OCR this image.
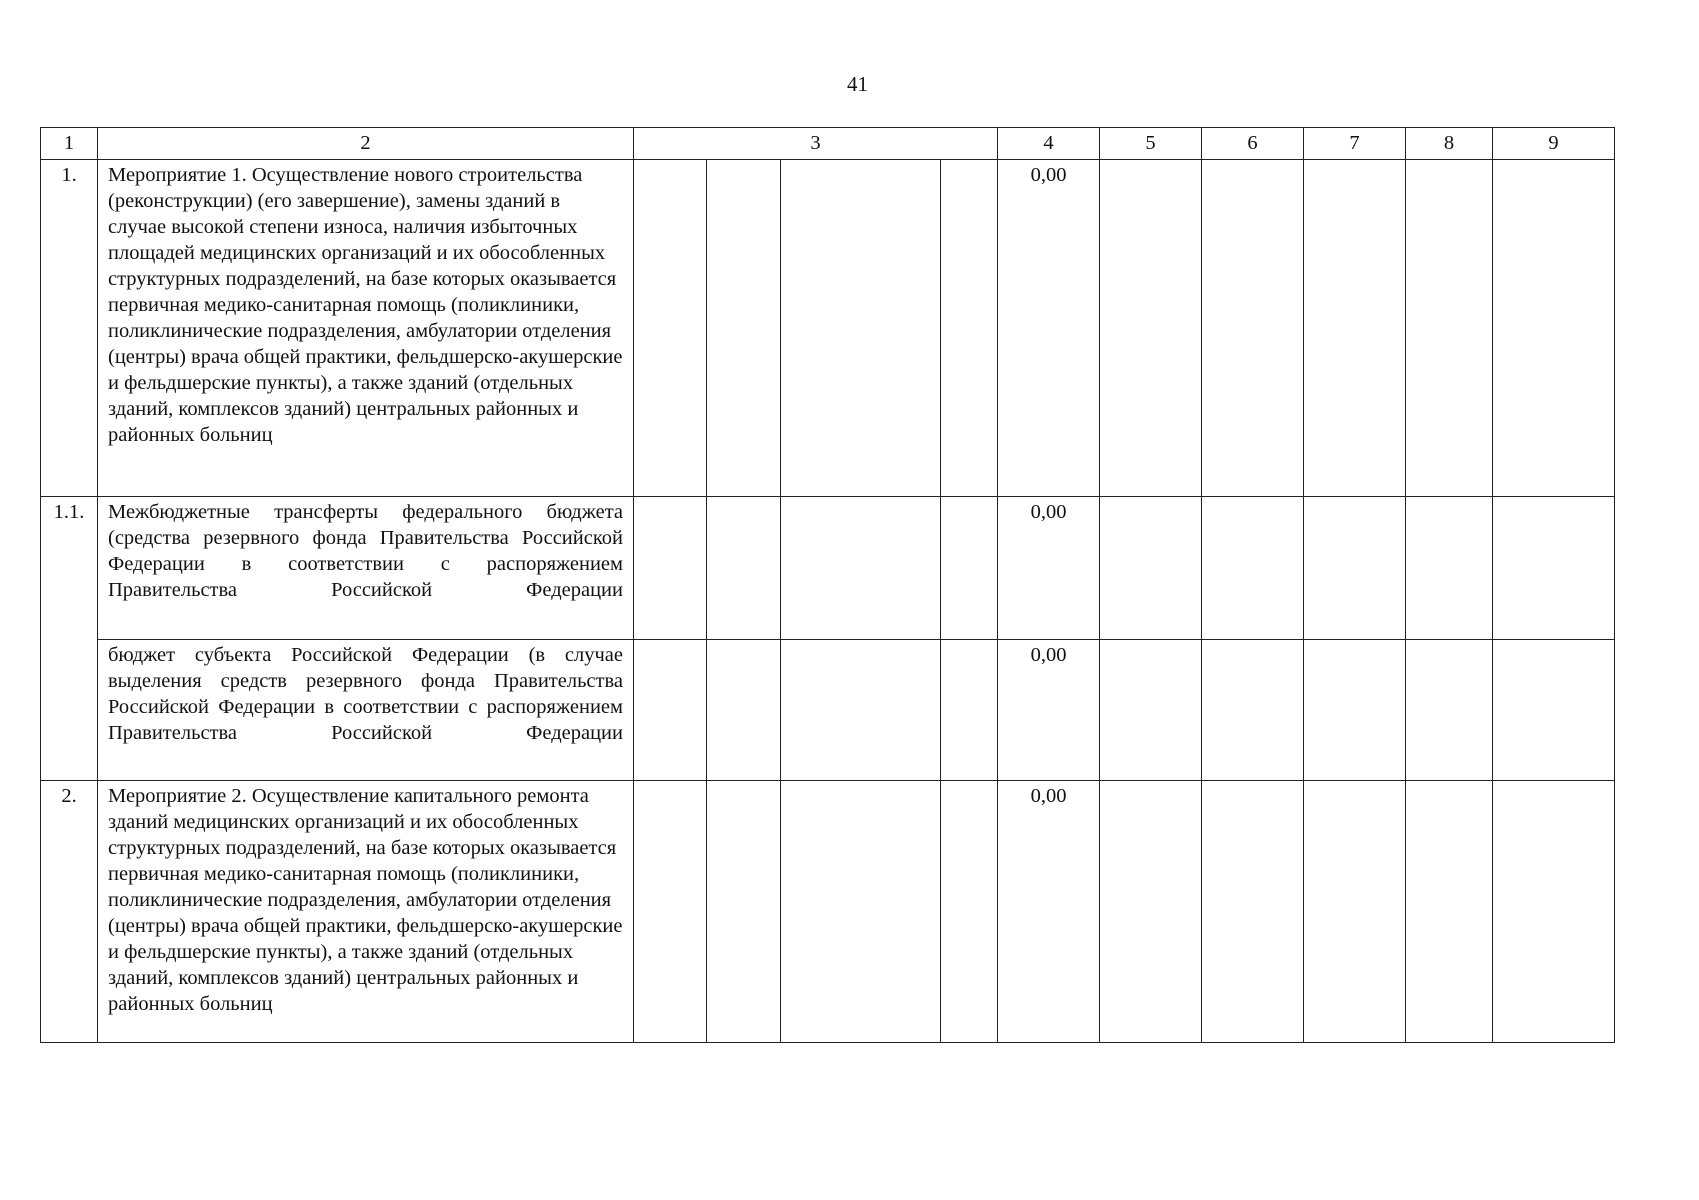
41
1	2	3				4	5	6	7	8	9
1.	Мероприятие 1. Осуществление нового строительства (реконструкции) (его завершение), замены зданий в случае высокой степени износа, наличия избыточных площадей медицинских организаций и их обособленных структурных подразделений, на базе которых оказывается первичная медико-санитарная помощь (поликлиники, поликлинические подразделения, амбулатории отделения (центры) врача общей практики, фельдшерско-акушерские и фельдшерские пункты), а также зданий (отдельных зданий, комплексов зданий) центральных районных и районных больниц					0,00					
1.1.	Межбюджетные трансферты федерального бюджета (средства резервного фонда Правительства Российской Федерации в соответствии с распоряжением Правительства Российской Федерации					0,00					
	бюджет субъекта Российской Федерации (в случае выделения средств резервного фонда Правительства Российской Федерации в соответствии с распоряжением Правительства Российской Федерации					0,00					
2.	Мероприятие 2. Осуществление капитального ремонта зданий медицинских организаций и их обособленных структурных подразделений, на базе которых оказывается первичная медико-санитарная помощь (поликлиники, поликлинические подразделения, амбулатории отделения (центры) врача общей практики, фельдшерско-акушерские и фельдшерские пункты), а также зданий (отдельных зданий, комплексов зданий) центральных районных и районных больниц					0,00					
